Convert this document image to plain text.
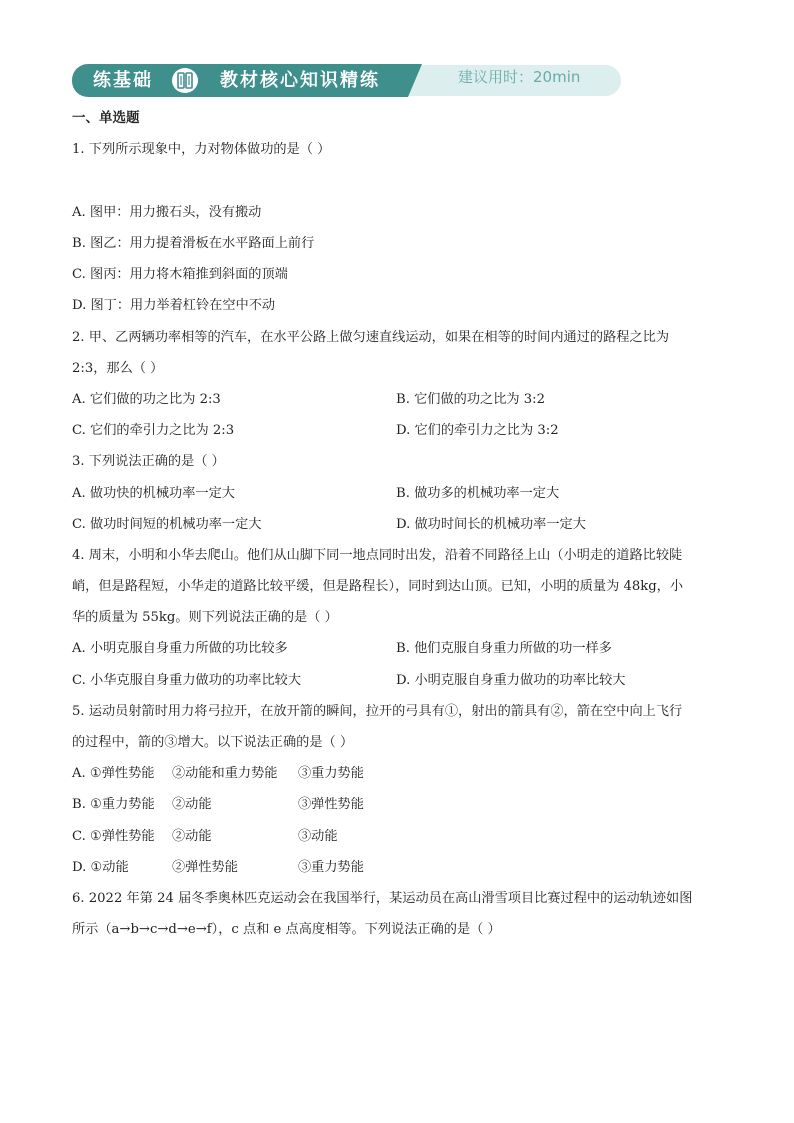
练基础	教材核心知识精练	建议用时：20min
一、单选题
1. 下列所示现象中，力对物体做功的是（ ）
A. 图甲：用力搬石头，没有搬动
B. 图乙：用力提着滑板在水平路面上前行
C. 图丙：用力将木箱推到斜面的顶端
D. 图丁：用力举着杠铃在空中不动
2. 甲、乙两辆功率相等的汽车，在水平公路上做匀速直线运动，如果在相等的时间内通过的路程之比为
2:3，那么（ ）
A. 它们做的功之比为 2:3	B. 它们做的功之比为 3:2
C. 它们的牵引力之比为 2:3	D. 它们的牵引力之比为 3:2
3. 下列说法正确的是（ ）
A. 做功快的机械功率一定大	B. 做功多的机械功率一定大
C. 做功时间短的机械功率一定大	D. 做功时间长的机械功率一定大
4. 周末，小明和小华去爬山。他们从山脚下同一地点同时出发，沿着不同路径上山（小明走的道路比较陡
峭，但是路程短，小华走的道路比较平缓，但是路程长），同时到达山顶。已知，小明的质量为 48kg，小
华的质量为 55kg。则下列说法正确的是（ ）
A. 小明克服自身重力所做的功比较多	B. 他们克服自身重力所做的功一样多
C. 小华克服自身重力做功的功率比较大	D. 小明克服自身重力做功的功率比较大
5. 运动员射箭时用力将弓拉开，在放开箭的瞬间，拉开的弓具有①，射出的箭具有②，箭在空中向上飞行
的过程中，箭的③增大。以下说法正确的是（ ）
A. ①弹性势能 ②动能和重力势能 ③重力势能
B. ①重力势能 ②动能	③弹性势能
C. ①弹性势能 ②动能	③动能
D. ①动能	②弹性势能	③重力势能
6. 2022 年第 24 届冬季奥林匹克运动会在我国举行，某运动员在高山滑雪项目比赛过程中的运动轨迹如图
所示（a→b→c→d→e→f），c 点和 e 点高度相等。下列说法正确的是（ ）
